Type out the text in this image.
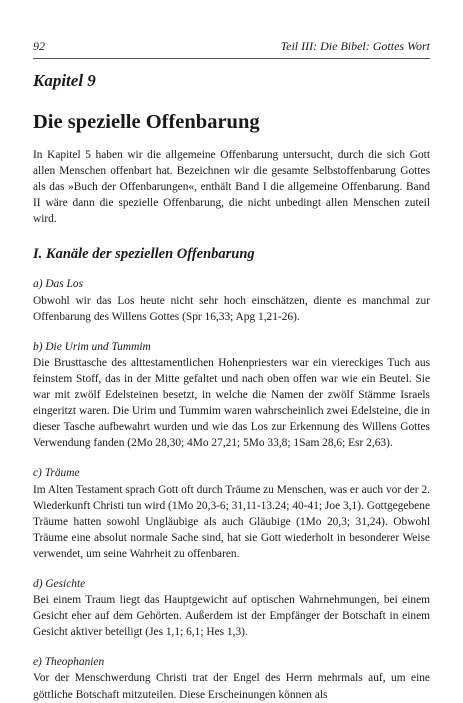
92	Teil III: Die Bibel: Gottes Wort
Kapitel 9
Die spezielle Offenbarung

In Kapitel 5 haben wir die allgemeine Offenbarung untersucht, durch die sich Gott allen Menschen offenbart hat. Bezeichnen wir die gesamte Selbstoffenbarung Gottes als das »Buch der Offenbarungen«, enthält Band I die allgemeine Offenbarung. Band II wäre dann die spezielle Offenbarung, die nicht unbedingt allen Menschen zuteil wird.

I. Kanäle der speziellen Offenbarung
a) Das Los

Obwohl wir das Los heute nicht sehr hoch einschätzen, diente es manchmal zur Offenbarung des Willens Gottes (Spr 16,33; Apg 1,21-26).

b) Die Urim und Tummim

Die Brusttasche des alttestamentlichen Hohenpriesters war ein viereckiges Tuch aus feinstem Stoff, das in der Mitte gefaltet und nach oben offen war wie ein Beutel. Sie war mit zwölf Edelsteinen besetzt, in welche die Namen der zwölf Stämme Israels eingeritzt waren. Die Urim und Tummim waren wahrscheinlich zwei Edelsteine, die in dieser Tasche aufbewahrt wurden und wie das Los zur Erkennung des Willens Gottes Verwendung fanden (2Mo 28,30; 4Mo 27,21; 5Mo 33,8; 1Sam 28,6; Esr 2,63).

c) Träume

Im Alten Testament sprach Gott oft durch Träume zu Menschen, was er auch vor der 2. Wiederkunft Christi tun wird (1Mo 20,3-6; 31,11-13.24; 40-41; Joe 3,1). Gottgegebene Träume hatten sowohl Ungläubige als auch Gläubige (1Mo 20,3; 31,24). Obwohl Träume eine absolut normale Sache sind, hat sie Gott wiederholt in besonderer Weise verwendet, um seine Wahrheit zu offenbaren.

d) Gesichte

Bei einem Traum liegt das Hauptgewicht auf optischen Wahrnehmungen, bei einem Gesicht eher auf dem Gehörten. Außerdem ist der Empfänger der Botschaft in einem Gesicht aktiver beteiligt (Jes 1,1; 6,1; Hes 1,3).

e) Theophanien

Vor der Menschwerdung Christi trat der Engel des Herrn mehrmals auf, um eine göttliche Botschaft mitzuteilen. Diese Erscheinungen können als
